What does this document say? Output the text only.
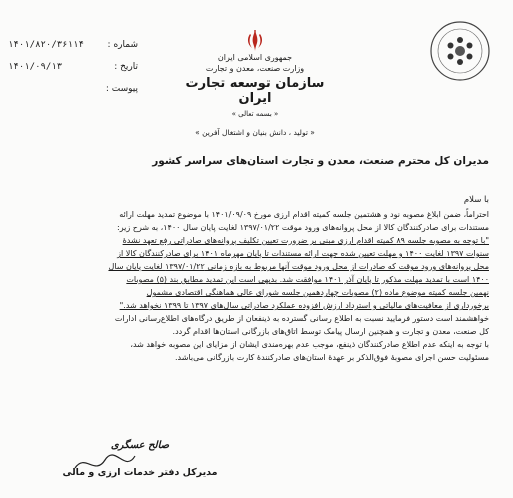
شماره :
۱۴۰۱/۸۲۰/۳۶۱۱۴
تاریخ :
۱۴۰۱/۰۹/۱۳
پیوست :
جمهوری اسلامی ایران
وزارت صنعت، معدن و تجارت
سازمان توسعه تجارت ایران
« بسمه تعالی »
« تولید ، دانش بنیان و اشتغال آفرین »
مدیران کل محترم صنعت، معدن و تجارت استان‌های سراسر کشور
با سلام
احتراماً، ضمن ابلاغ مصوبه نود و هشتمین جلسه کمیته اقدام ارزی مورخ ۱۴۰۱/۰۹/۰۹ با موضوع تمدید مهلت ارائه
مستندات برای صادرکنندگان کالا از محل پروانه‌های ورود موقت ۱۳۹۷/۰۱/۲۲ لغایت پایان سال ۱۴۰۰، به شرح زیر:
"با توجه به مصوبه جلسه ۸۹ کمیته اقدام ارزی مبنی بر ضرورت تعیین تکلیف پروانه‌های صادراتی رفع تعهد نشدۀ
سنوات ۱۳۹۷ لغایت ۱۴۰۰ و مهلت تعیین شده جهت ارائه مستندات تا پایان مهرماه ۱۴۰۱ برای صادرکنندگان کالا از
محل پروانه‌های ورود موقت که صادرات از محل ورود موقت آنها مربوط به بازه زمانی ۱۳۹۷/۰۱/۲۲ لغایت پایان سال
۱۴۰۰ است با تمدید مهلت مذکور تا پایان آذر ۱۴۰۱ موافقت شد. بدیهی است این تمدید مطابق بند (۵) مصوبات
نهمین جلسه کمیته موضوع ماده (۲) مصوبات چهاردهمین جلسه شورای عالی هماهنگی اقتصادی مشمول
برخورداری از معافیت‌های مالیاتی و استرداد ارزش افزوده عملکرد صادراتی سال‌های ۱۳۹۷ تا ۱۳۹۹ نخواهد شد."
خواهشمند است دستور فرمایید نسبت به اطلاع رسانی گسترده به ذینفعان از طریق درگاه‌های اطلاع‌رسانی ادارات
کل صنعت، معدن و تجارت و همچنین ارسال پیامک توسط اتاق‌های بازرگانی استان‌ها اقدام گردد.
با توجه به اینکه عدم اطلاع صادرکنندگان ذینفع، موجب عدم بهره‌مندی ایشان از مزایای این مصوبه خواهد شد،
مسئولیت حسن اجرای مصوبۀ فوق‌الذکر بر عهدۀ استان‌های صادرکنندۀ کارت بازرگانی می‌باشد.
صالح عسگری
مدیرکل دفتر خدمات ارزی و مالی
